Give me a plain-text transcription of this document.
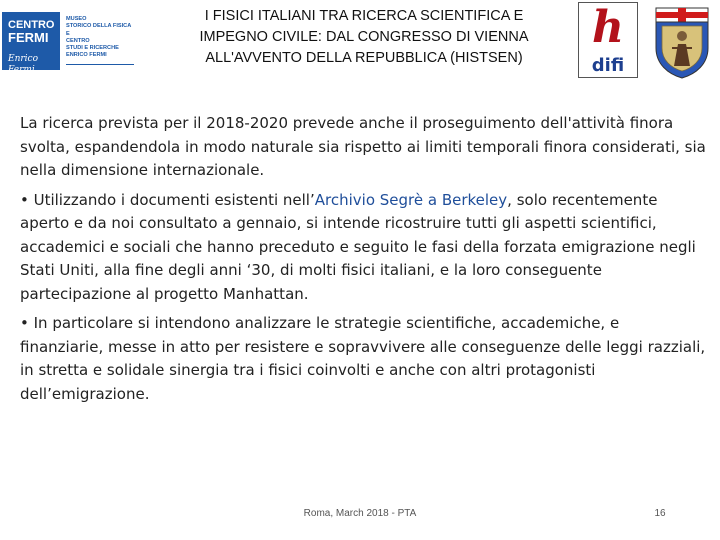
CENTRO
FERMI
Enrico Fermi
MUSEO
STORICO DELLA FISICA
E
CENTRO
STUDI E RICERCHE
ENRICO FERMI
I FISICI ITALIANI TRA RICERCA SCIENTIFICA E
IMPEGNO CIVILE: DAL CONGRESSO DI VIENNA
ALL'AVVENTO DELLA REPUBBLICA (HISTSEN)
h
difi

La ricerca prevista per il 2018-2020 prevede anche il proseguimento dell'attività finora svolta, espandendola in modo naturale sia rispetto ai limiti temporali finora considerati, sia nella dimensione internazionale.

• Utilizzando i documenti esistenti nell’Archivio Segrè a Berkeley, solo recentemente aperto e da noi consultato a gennaio, si intende ricostruire tutti gli aspetti scientifici, accademici e sociali che hanno preceduto e seguito le fasi della forzata emigrazione negli Stati Uniti, alla fine degli anni ‘30, di molti fisici italiani, e la loro conseguente partecipazione al progetto Manhattan.

• In particolare si intendono analizzare le strategie scientifiche, accademiche, e finanziarie, messe in atto per resistere e sopravvivere alle conseguenze delle leggi razziali, in stretta e solidale sinergia tra i fisici coinvolti e anche con altri protagonisti dell’emigrazione.

Roma, March 2018 - PTA	16
